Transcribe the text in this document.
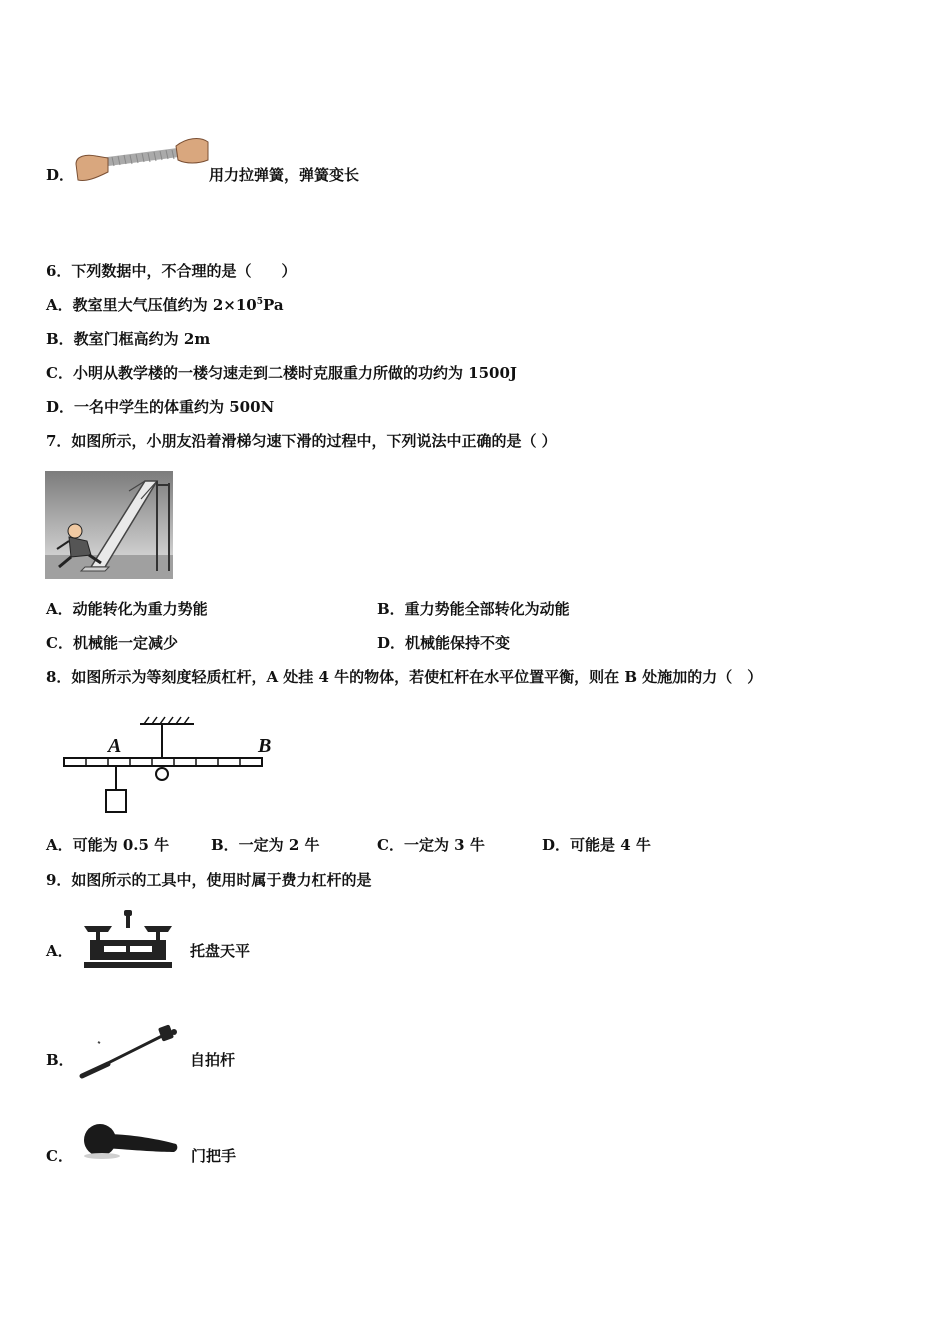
D．	用力拉弹簧，弹簧变长
6．下列数据中，不合理的是（　　）
A．教室里大气压值约为 $2\times 10^5Pa$
B．教室门框高约为 2m
C．小明从教学楼的一楼匀速走到二楼时克服重力所做的功约为 1500J
D．一名中学生的体重约为 500N
7．如图所示，小朋友沿着滑梯匀速下滑的过程中，下列说法中正确的是（ ）
A．动能转化为重力势能	B．重力势能全部转化为动能
C．机械能一定减少	D．机械能保持不变
8．如图所示为等刻度轻质杠杆，A 处挂 4 牛的物体，若使杠杆在水平位置平衡，则在 B 处施加的力（　）
A	B
A．可能为 0.5 牛	B．一定为 2 牛	C．一定为 3 牛	D．可能是 4 牛
9．如图所示的工具中，使用时属于费力杠杆的是
A．	托盘天平
B．	自拍杆
C．	门把手
